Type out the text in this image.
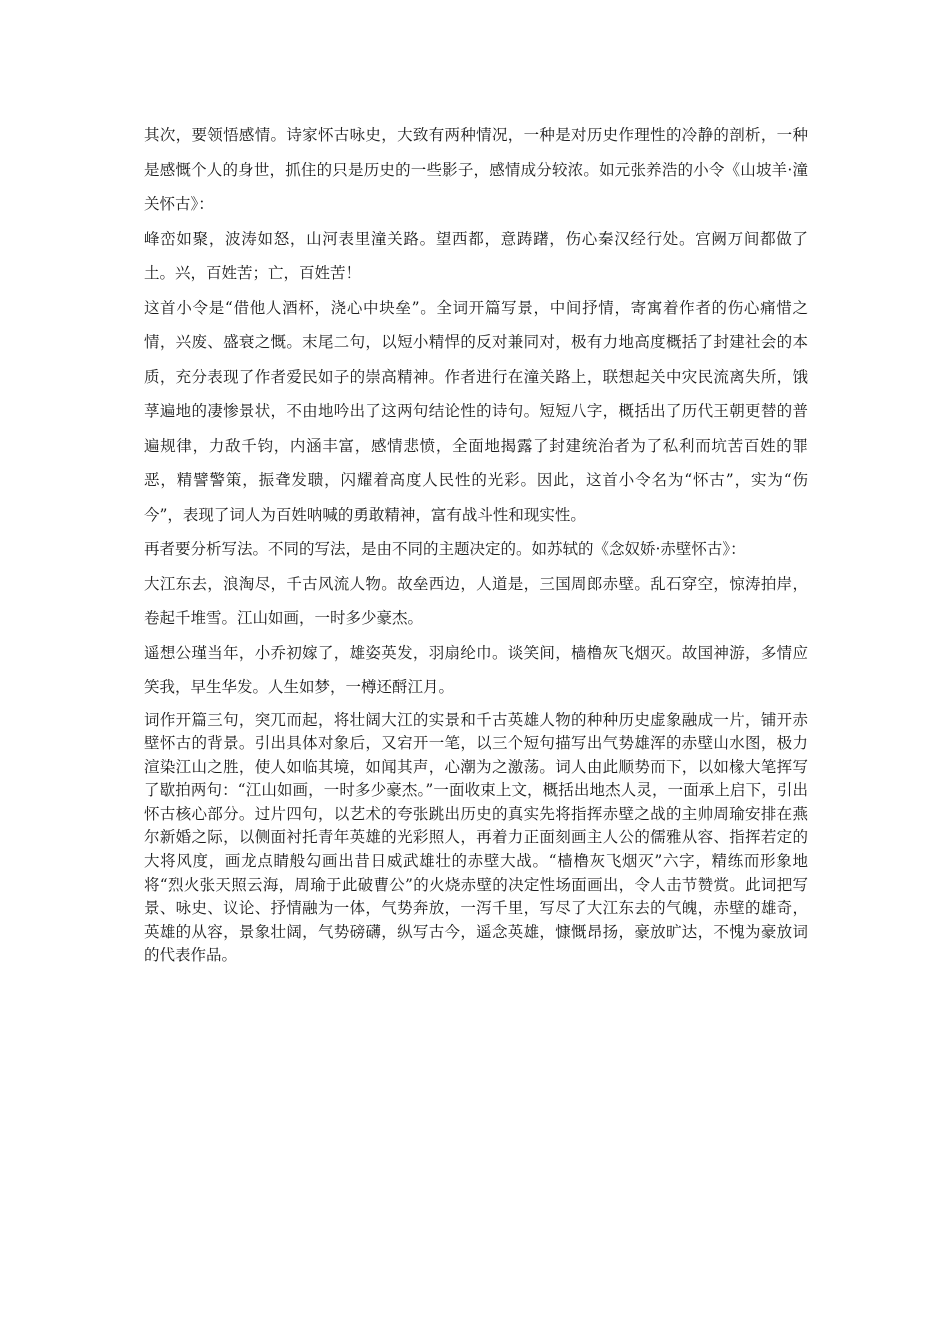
其次，要领悟感情。诗家怀古咏史，大致有两种情况，一种是对历史作理性的冷静的剖析，一种是感慨个人的身世，抓住的只是历史的一些影子，感情成分较浓。如元张养浩的小令《山坡羊·潼关怀古》：

峰峦如聚，波涛如怒，山河表里潼关路。望西都，意踌躇，伤心秦汉经行处。宫阙万间都做了土。兴，百姓苦；亡，百姓苦！

这首小令是“借他人酒杯，浇心中块垒”。全词开篇写景，中间抒情，寄寓着作者的伤心痛惜之情，兴废、盛衰之慨。末尾二句，以短小精悍的反对兼同对，极有力地高度概括了封建社会的本质，充分表现了作者爱民如子的崇高精神。作者进行在潼关路上，联想起关中灾民流离失所，饿莩遍地的凄惨景状，不由地吟出了这两句结论性的诗句。短短八字，概括出了历代王朝更替的普遍规律，力敌千钧，内涵丰富，感情悲愤，全面地揭露了封建统治者为了私利而坑苦百姓的罪恶，精譬警策，振聋发聩，闪耀着高度人民性的光彩。因此，这首小令名为“怀古”，实为“伤今”，表现了词人为百姓呐喊的勇敢精神，富有战斗性和现实性。

再者要分析写法。不同的写法，是由不同的主题决定的。如苏轼的《念奴娇·赤壁怀古》：

大江东去，浪淘尽，千古风流人物。故垒西边，人道是，三国周郎赤壁。乱石穿空，惊涛拍岸，卷起千堆雪。江山如画，一时多少豪杰。

遥想公瑾当年，小乔初嫁了，雄姿英发，羽扇纶巾。谈笑间，樯橹灰飞烟灭。故国神游，多情应笑我，早生华发。人生如梦，一樽还酹江月。

词作开篇三句，突兀而起，将壮阔大江的实景和千古英雄人物的种种历史虚象融成一片，铺开赤壁怀古的背景。引出具体对象后，又宕开一笔，以三个短句描写出气势雄浑的赤壁山水图，极力渲染江山之胜，使人如临其境，如闻其声，心潮为之激荡。词人由此顺势而下，以如椽大笔挥写了歇拍两句：“江山如画，一时多少豪杰。”一面收束上文，概括出地杰人灵，一面承上启下，引出怀古核心部分。过片四句，以艺术的夸张跳出历史的真实先将指挥赤壁之战的主帅周瑜安排在燕尔新婚之际，以侧面衬托青年英雄的光彩照人，再着力正面刻画主人公的儒雅从容、指挥若定的大将风度，画龙点睛般勾画出昔日威武雄壮的赤壁大战。“樯橹灰飞烟灭”六字，精练而形象地将“烈火张天照云海，周瑜于此破曹公”的火烧赤壁的决定性场面画出，令人击节赞赏。此词把写景、咏史、议论、抒情融为一体，气势奔放，一泻千里，写尽了大江东去的气魄，赤壁的雄奇，英雄的从容，景象壮阔，气势磅礴，纵写古今，遥念英雄，慷慨昂扬，豪放旷达，不愧为豪放词的代表作品。
